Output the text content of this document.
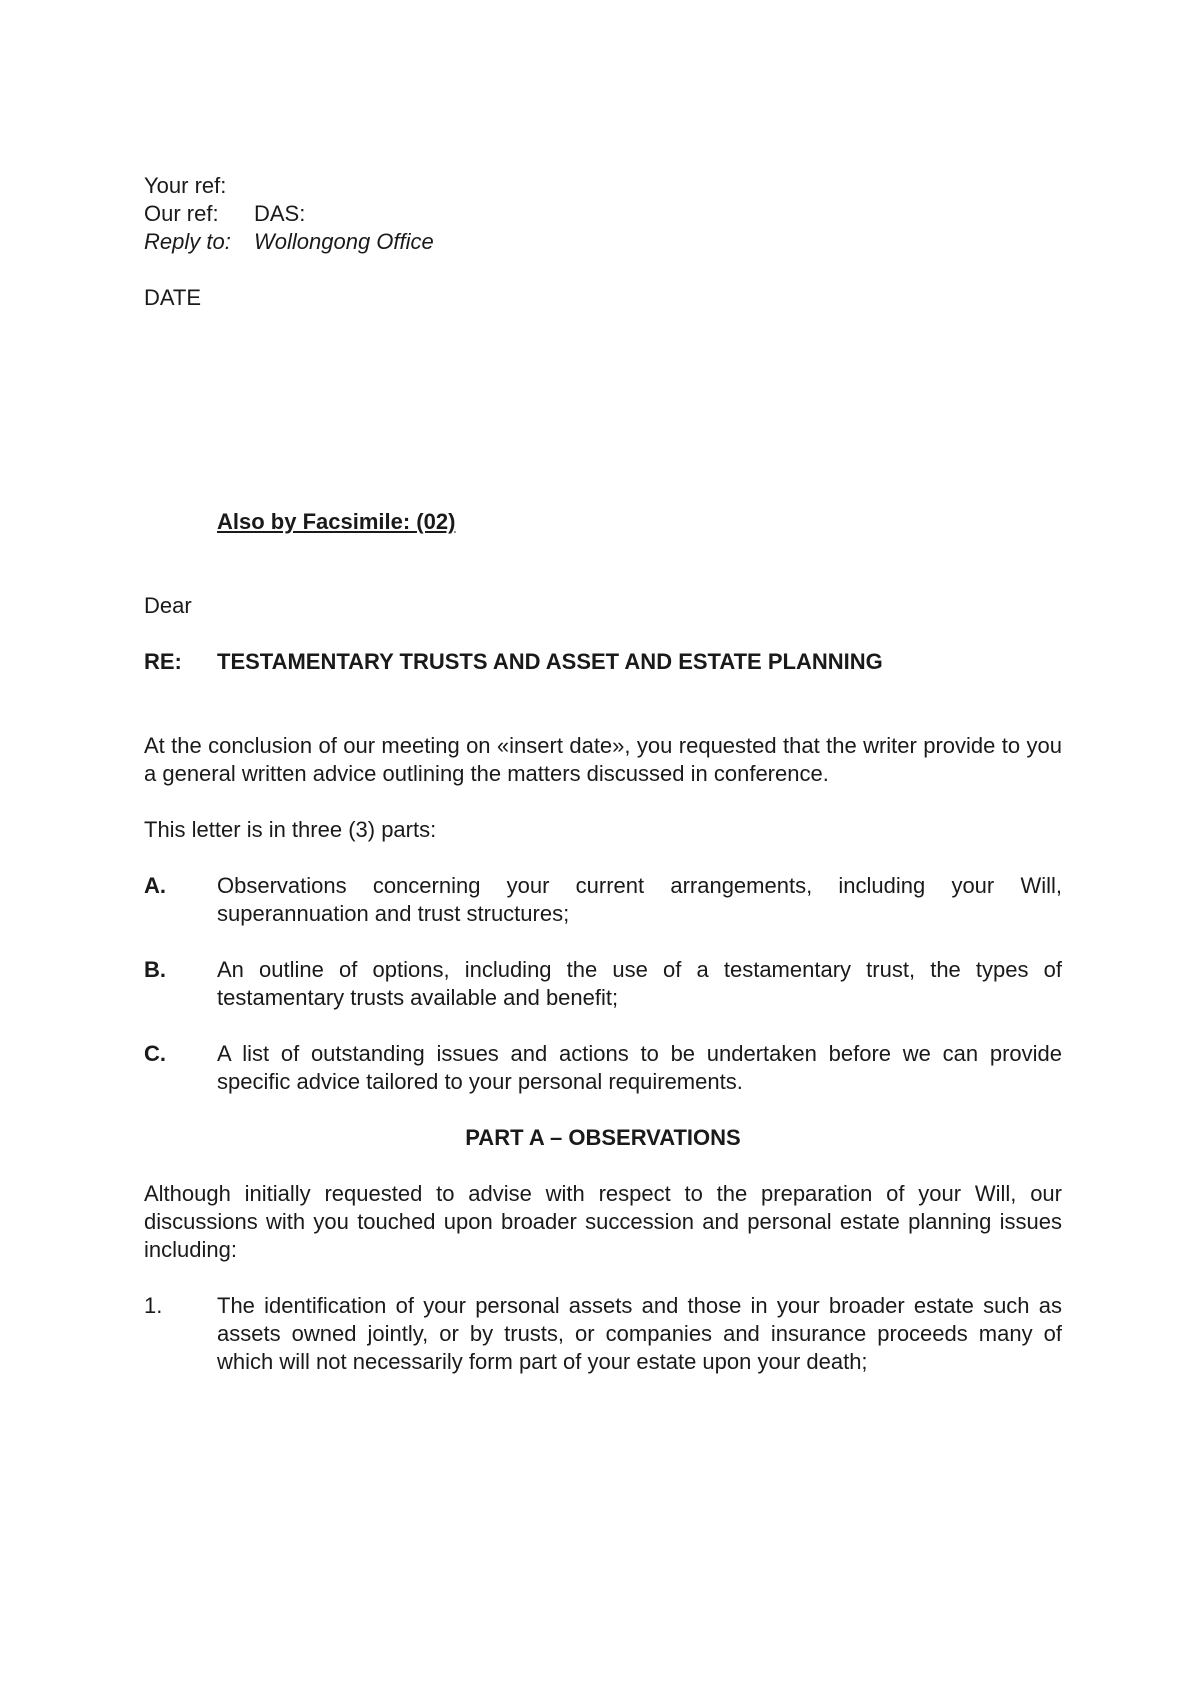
Your ref:
Our ref:	DAS:
Reply to:	Wollongong Office
DATE
Also by Facsimile: (02)
Dear
RE:	TESTAMENTARY TRUSTS AND ASSET AND ESTATE PLANNING
At the conclusion of our meeting on «insert date», you requested that the writer provide to you a general written advice outlining the matters discussed in conference.
This letter is in three (3) parts:
A.	Observations concerning your current arrangements, including your Will, superannuation and trust structures;
B.	An outline of options, including the use of a testamentary trust, the types of testamentary trusts available and benefit;
C.	A list of outstanding issues and actions to be undertaken before we can provide specific advice tailored to your personal requirements.
PART A – OBSERVATIONS
Although initially requested to advise with respect to the preparation of your Will, our discussions with you touched upon broader succession and personal estate planning issues including:
1.	The identification of your personal assets and those in your broader estate such as assets owned jointly, or by trusts, or companies and insurance proceeds many of which will not necessarily form part of your estate upon your death;
